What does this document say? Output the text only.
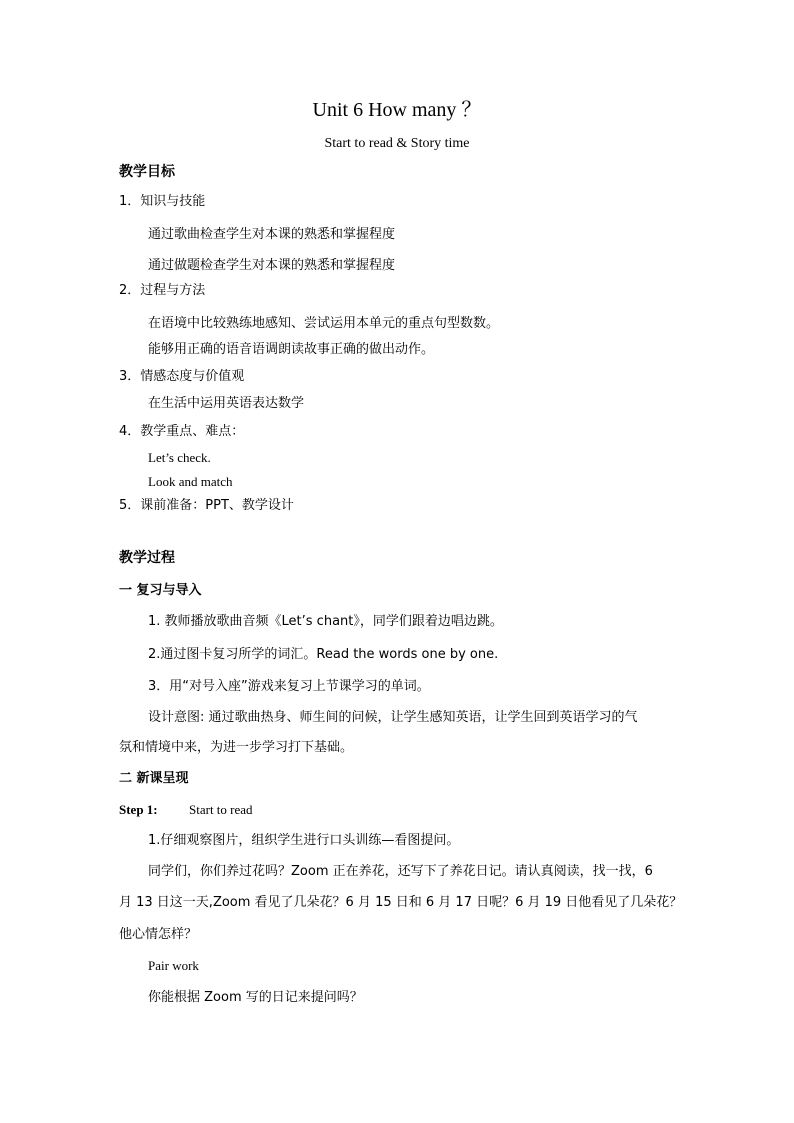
Unit 6 How many ？
Start to read & Story time
教学目标
1．知识与技能
通过歌曲检查学生对本课的熟悉和掌握程度
通过做题检查学生对本课的熟悉和掌握程度
2．过程与方法
在语境中比较熟练地感知、尝试运用本单元的重点句型数数。
能够用正确的语音语调朗读故事正确的做出动作。
3．情感态度与价值观
在生活中运用英语表达数学
4．教学重点、难点：
Let’s check.
Look and match
5．课前准备：PPT、教学设计
教学过程
一 复习与导入
1. 教师播放歌曲音频《Let’s chant》，同学们跟着边唱边跳。
2.通过图卡复习所学的词汇。Read the words one by one.
3．用“对号入座”游戏来复习上节课学习的单词。
设计意图: 通过歌曲热身、师生间的问候，让学生感知英语，让学生回到英语学习的气
氛和情境中来，为进一步学习打下基础。
二 新课呈现
Step 1: Start to read
1.仔细观察图片，组织学生进行口头训练—看图提问。
同学们，你们养过花吗？Zoom 正在养花，还写下了养花日记。请认真阅读，找一找，6
月 13 日这一天,Zoom 看见了几朵花？6 月 15 日和 6 月 17 日呢？6 月 19 日他看见了几朵花？
他心情怎样？
Pair work
你能根据 Zoom 写的日记来提问吗？
